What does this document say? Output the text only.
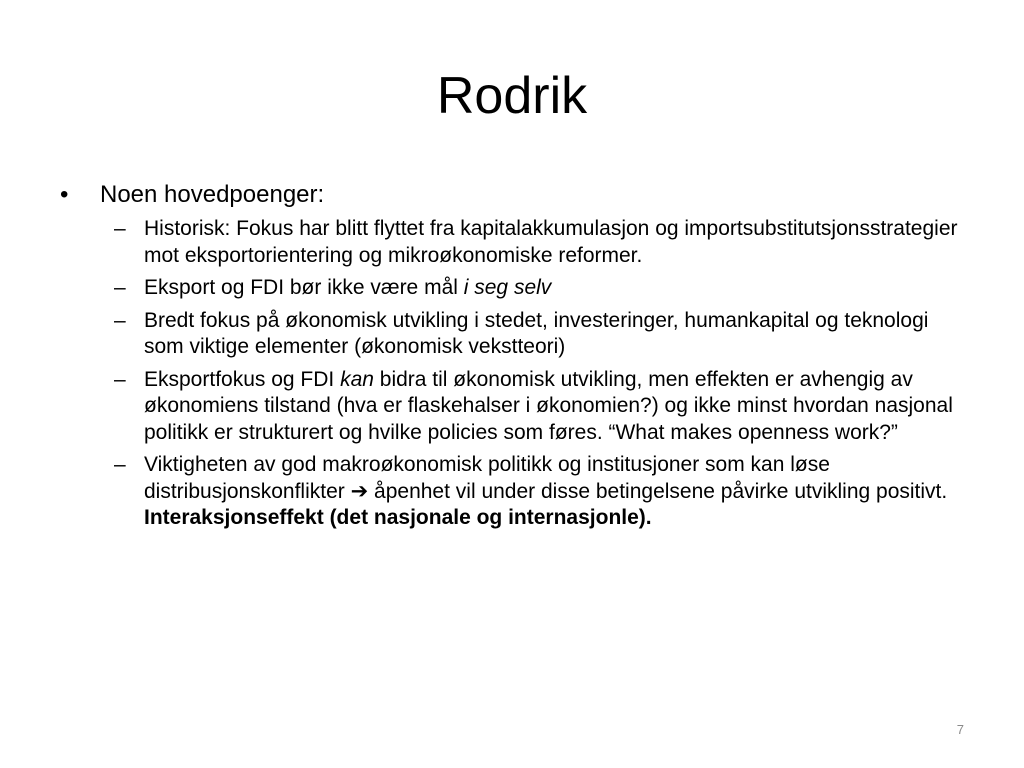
Rodrik
• Noen hovedpoenger:
– Historisk: Fokus har blitt flyttet fra kapitalakkumulasjon og importsubstitutsjonsstrategier mot eksportorientering og mikroøkonomiske reformer.
– Eksport og FDI bør ikke være mål i seg selv
– Bredt fokus på økonomisk utvikling i stedet, investeringer, humankapital og teknologi som viktige elementer (økonomisk vekstteori)
– Eksportfokus og FDI kan bidra til økonomisk utvikling, men effekten er avhengig av økonomiens tilstand (hva er flaskehalser i økonomien?) og ikke minst hvordan nasjonal politikk er strukturert og hvilke policies som føres. “What makes openness work?”
– Viktigheten av god makroøkonomisk politikk og institusjoner som kan løse distribusjonskonflikter ➔ åpenhet vil under disse betingelsene påvirke utvikling positivt. Interaksjonseffekt (det nasjonale og internasjonle).
7
